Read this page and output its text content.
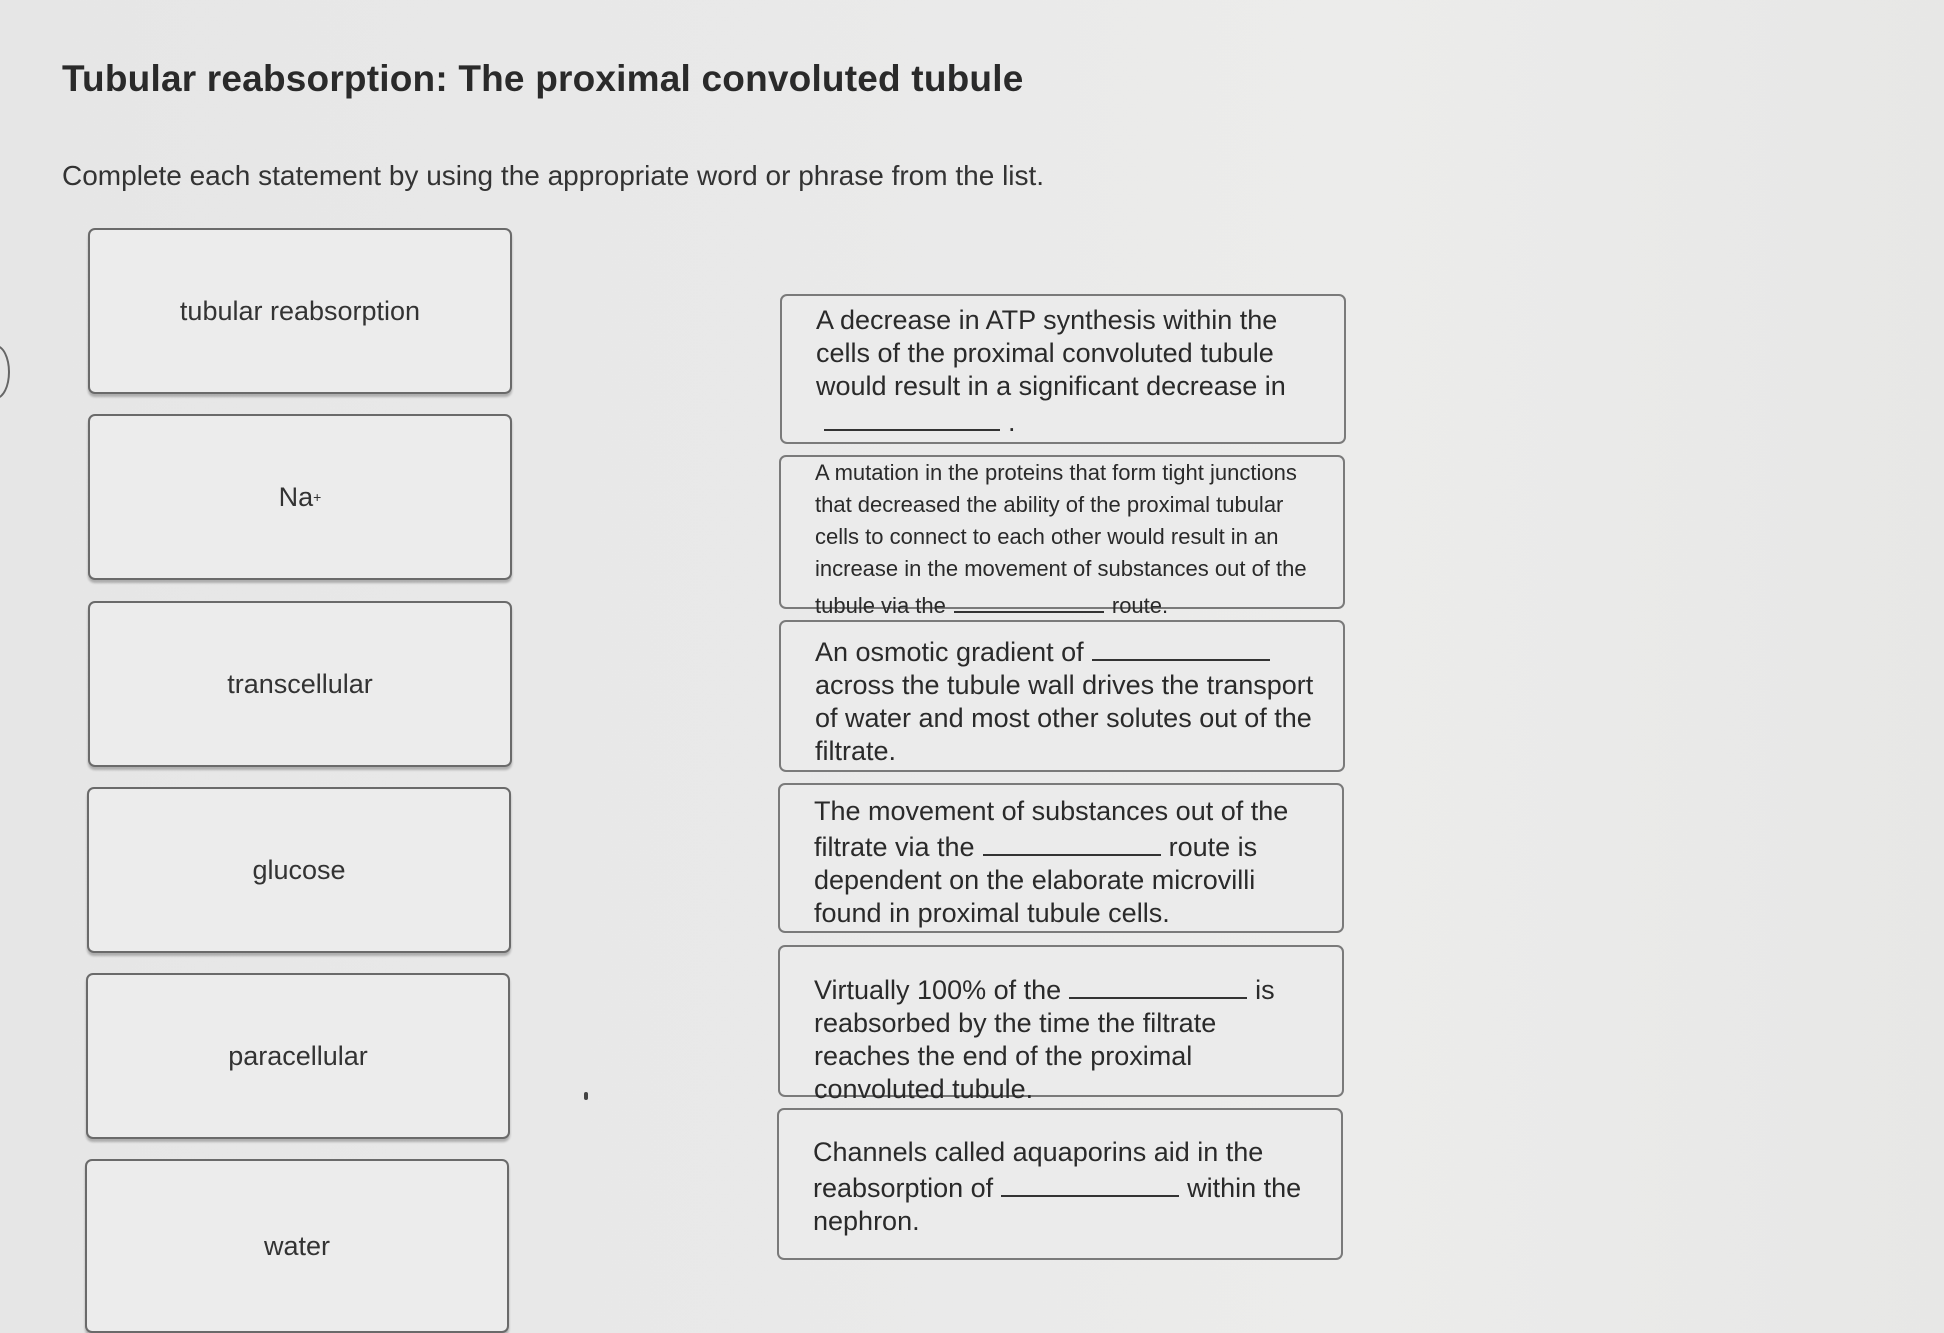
Tubular reabsorption: The proximal convoluted tubule
Complete each statement by using the appropriate word or phrase from the list.
tubular reabsorption
Na +
transcellular
glucose
paracellular
water
A decrease in ATP synthesis within the cells of the proximal convoluted tubule would result in a significant decrease in
.
A mutation in the proteins that form tight junctions that decreased the ability of the proximal tubular cells to connect to each other would result in an increase in the movement of substances out of the tubule via the	route.
An osmotic gradient of across the tubule wall drives the transport of water and most other solutes out of the filtrate.
The movement of substances out of the filtrate via the	route is dependent on the elaborate microvilli found in proximal tubule cells.
Virtually 100% of the	is reabsorbed by the time the filtrate reaches the end of the proximal convoluted tubule.
Channels called aquaporins aid in the reabsorption of	within the nephron.
